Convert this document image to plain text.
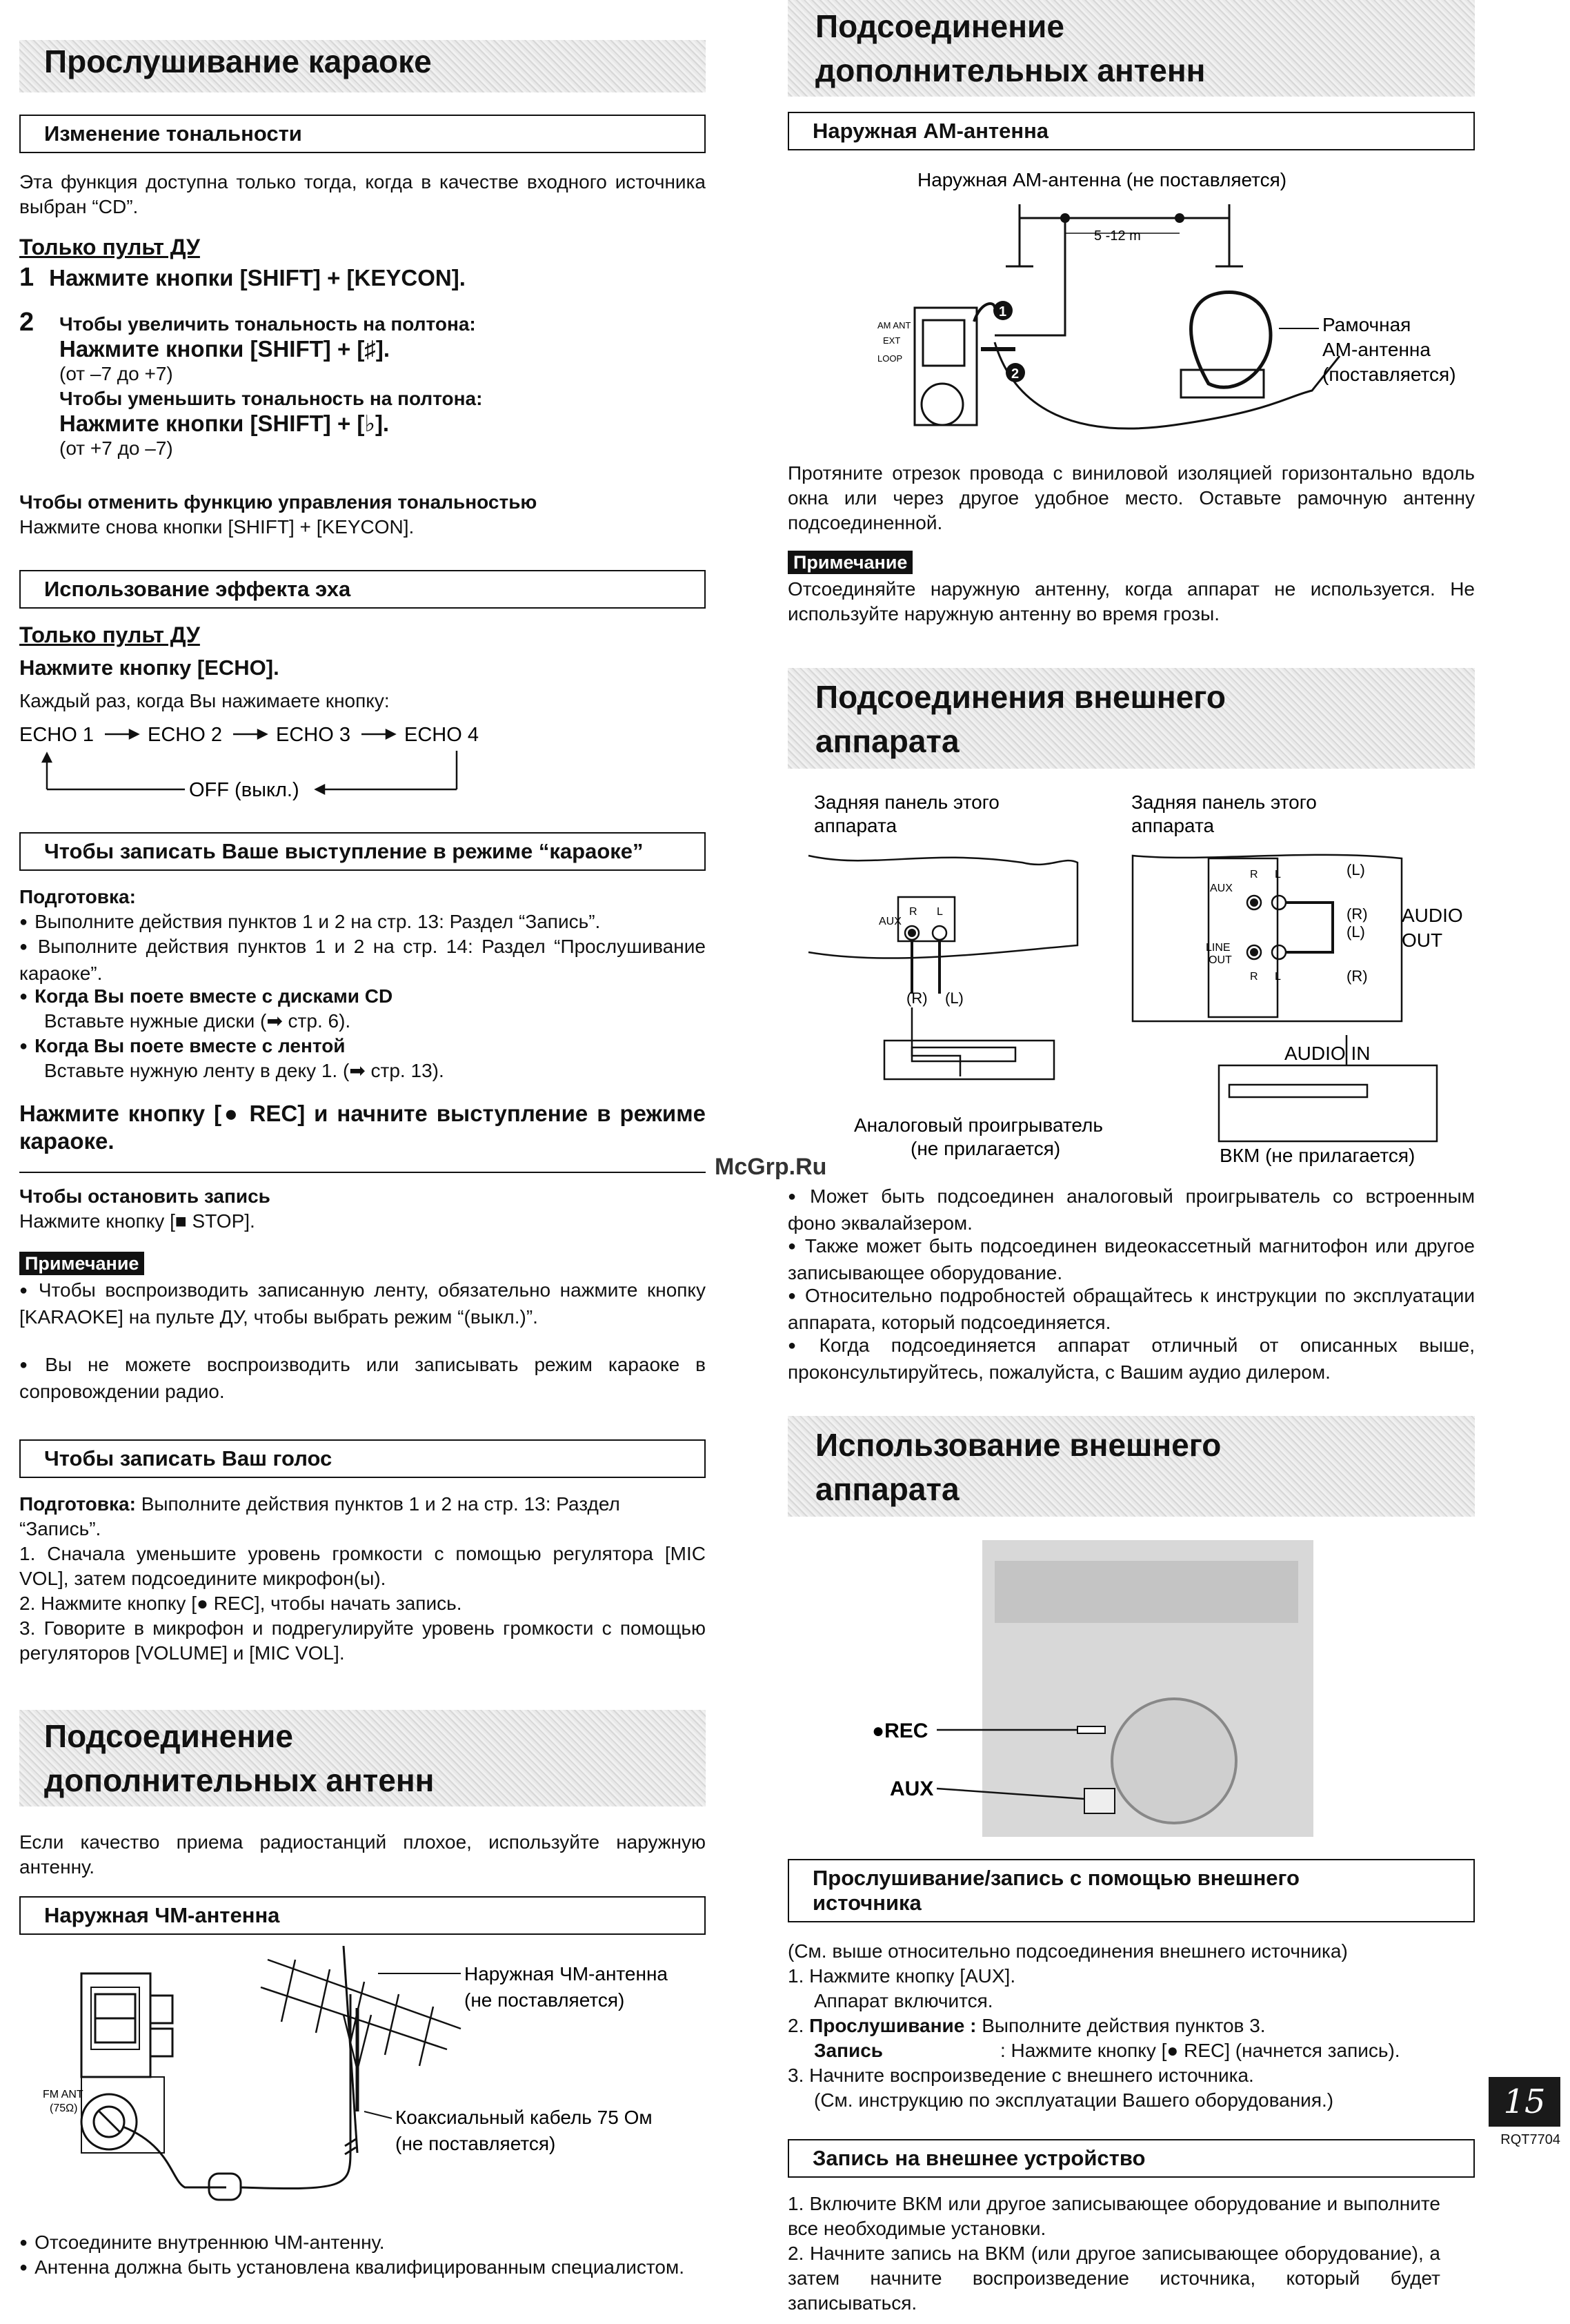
Прослушивание караоке
Изменение тональности
Эта функция доступна только тогда, когда в качестве входного источника выбран “CD”.
Только пульт ДУ
1 Нажмите кнопки [SHIFT] + [KEYCON].
2 Чтобы увеличить тональность на полтона:
Нажмите кнопки [SHIFT] + [♯].
(от –7 до +7)
Чтобы уменьшить тональность на полтона:
Нажмите кнопки [SHIFT] + [♭].
(от +7 до –7)
Чтобы отменить функцию управления тональностью
Нажмите снова кнопки [SHIFT] + [KEYCON].
Использование эффекта эха
Только пульт ДУ
Нажмите кнопку [ECHO].
Каждый раз, когда Вы нажимаете кнопку:
ECHO 1	ECHO 2	ECHO 3	ECHO 4
OFF (выкл.)
Чтобы записать Ваше выступление в режиме “караоке”
Подготовка:
● Выполните действия пунктов 1 и 2 на стр. 13: Раздел “Запись”.
● Выполните действия пунктов 1 и 2 на стр. 14: Раздел “Прослушивание караоке”.
● Когда Вы поете вместе с дисками CD
Вставьте нужные диски (➡ стр. 6).
● Когда Вы поете вместе с лентой
Вставьте нужную ленту в деку 1. (➡ стр. 13).
Нажмите кнопку [● REC] и начните выступление в режиме караоке.
Чтобы остановить запись
Нажмите кнопку [■ STOP].
Примечание
● Чтобы воспроизводить записанную ленту, обязательно нажмите кнопку [KARAOKE] на пульте ДУ, чтобы выбрать режим “(выкл.)”.
● Вы не можете воспроизводить или записывать режим караоке в сопровождении радио.
Чтобы записать Ваш голос
Подготовка: Выполните действия пунктов 1 и 2 на стр. 13: Раздел “Запись”.
1. Сначала уменьшите уровень громкости с помощью регулятора [MIC VOL], затем подсоедините микрофон(ы).
2. Нажмите кнопку [● REC], чтобы начать запись.
3. Говорите в микрофон и подрегулируйте уровень громкости с помощью регуляторов [VOLUME] и [MIC VOL].
Подсоединение
дополнительных антенн
Если качество приема радиостанций плохое, используйте наружную антенну.
Наружная ЧМ-антенна
Наружная ЧМ-антенна
(не поставляется)
Коаксиальный кабель 75 Ом
(не поставляется)
FM ANT
(75Ω)
● Отсоедините внутреннюю ЧМ-антенну.
● Антенна должна быть установлена квалифицированным специалистом.
Подсоединение
дополнительных антенн
Наружная АМ-антенна
Наружная АМ-антенна (не поставляется)
5 -12 m
Рамочная
АМ-антенна
(поставляется)
AM ANT
EXT
LOOP
1
2
Протяните отрезок провода с виниловой изоляцией горизонтально вдоль окна или через другое удобное место. Оставьте рамочную антенну подсоединенной.
Примечание
Отсоединяйте наружную антенну, когда аппарат не используется. Не используйте наружную антенну во время грозы.
Подсоединения внешнего
аппарата
Задняя панель этого
аппарата
Задняя панель этого
аппарата
AUX
R L
(R) (L)
AUX
LINE
OUT
R L
R L
(L)
(R)
(L)
(R)
AUDIO
OUT
AUDIO IN
Аналоговый проигрыватель
(не прилагается)	ВКМ (не прилагается)
McGrp.Ru
● Может быть подсоединен аналоговый проигрыватель со встроенным фоно эквалайзером.
● Также может быть подсоединен видеокассетный магнитофон или другое записывающее оборудование.
● Относительно подробностей обращайтесь к инструкции по эксплуатации аппарата, который подсоединяется.
● Когда подсоединяется аппарат отличный от описанных выше, проконсультируйтесь, пожалуйста, с Вашим аудио дилером.
Использование внешнего
аппарата
●REC
AUX
Прослушивание/запись с помощью внешнего
источника
(См. выше относительно подсоединения внешнего источника)
1. Нажмите кнопку [AUX].
Аппарат включится.
2. Прослушивание : Выполните действия пунктов 3.
Запись	: Нажмите кнопку [● REC] (начнется запись).
3. Начните воспроизведение с внешнего источника.
(См. инструкцию по эксплуатации Вашего оборудования.)
Запись на внешнее устройство
1. Включите ВКМ или другое записывающее оборудование и выполните все необходимые установки.
2. Начните запись на ВКМ (или другое записывающее оборудование), а затем начните воспроизведение источника, который будет записываться.
15
RQT7704
